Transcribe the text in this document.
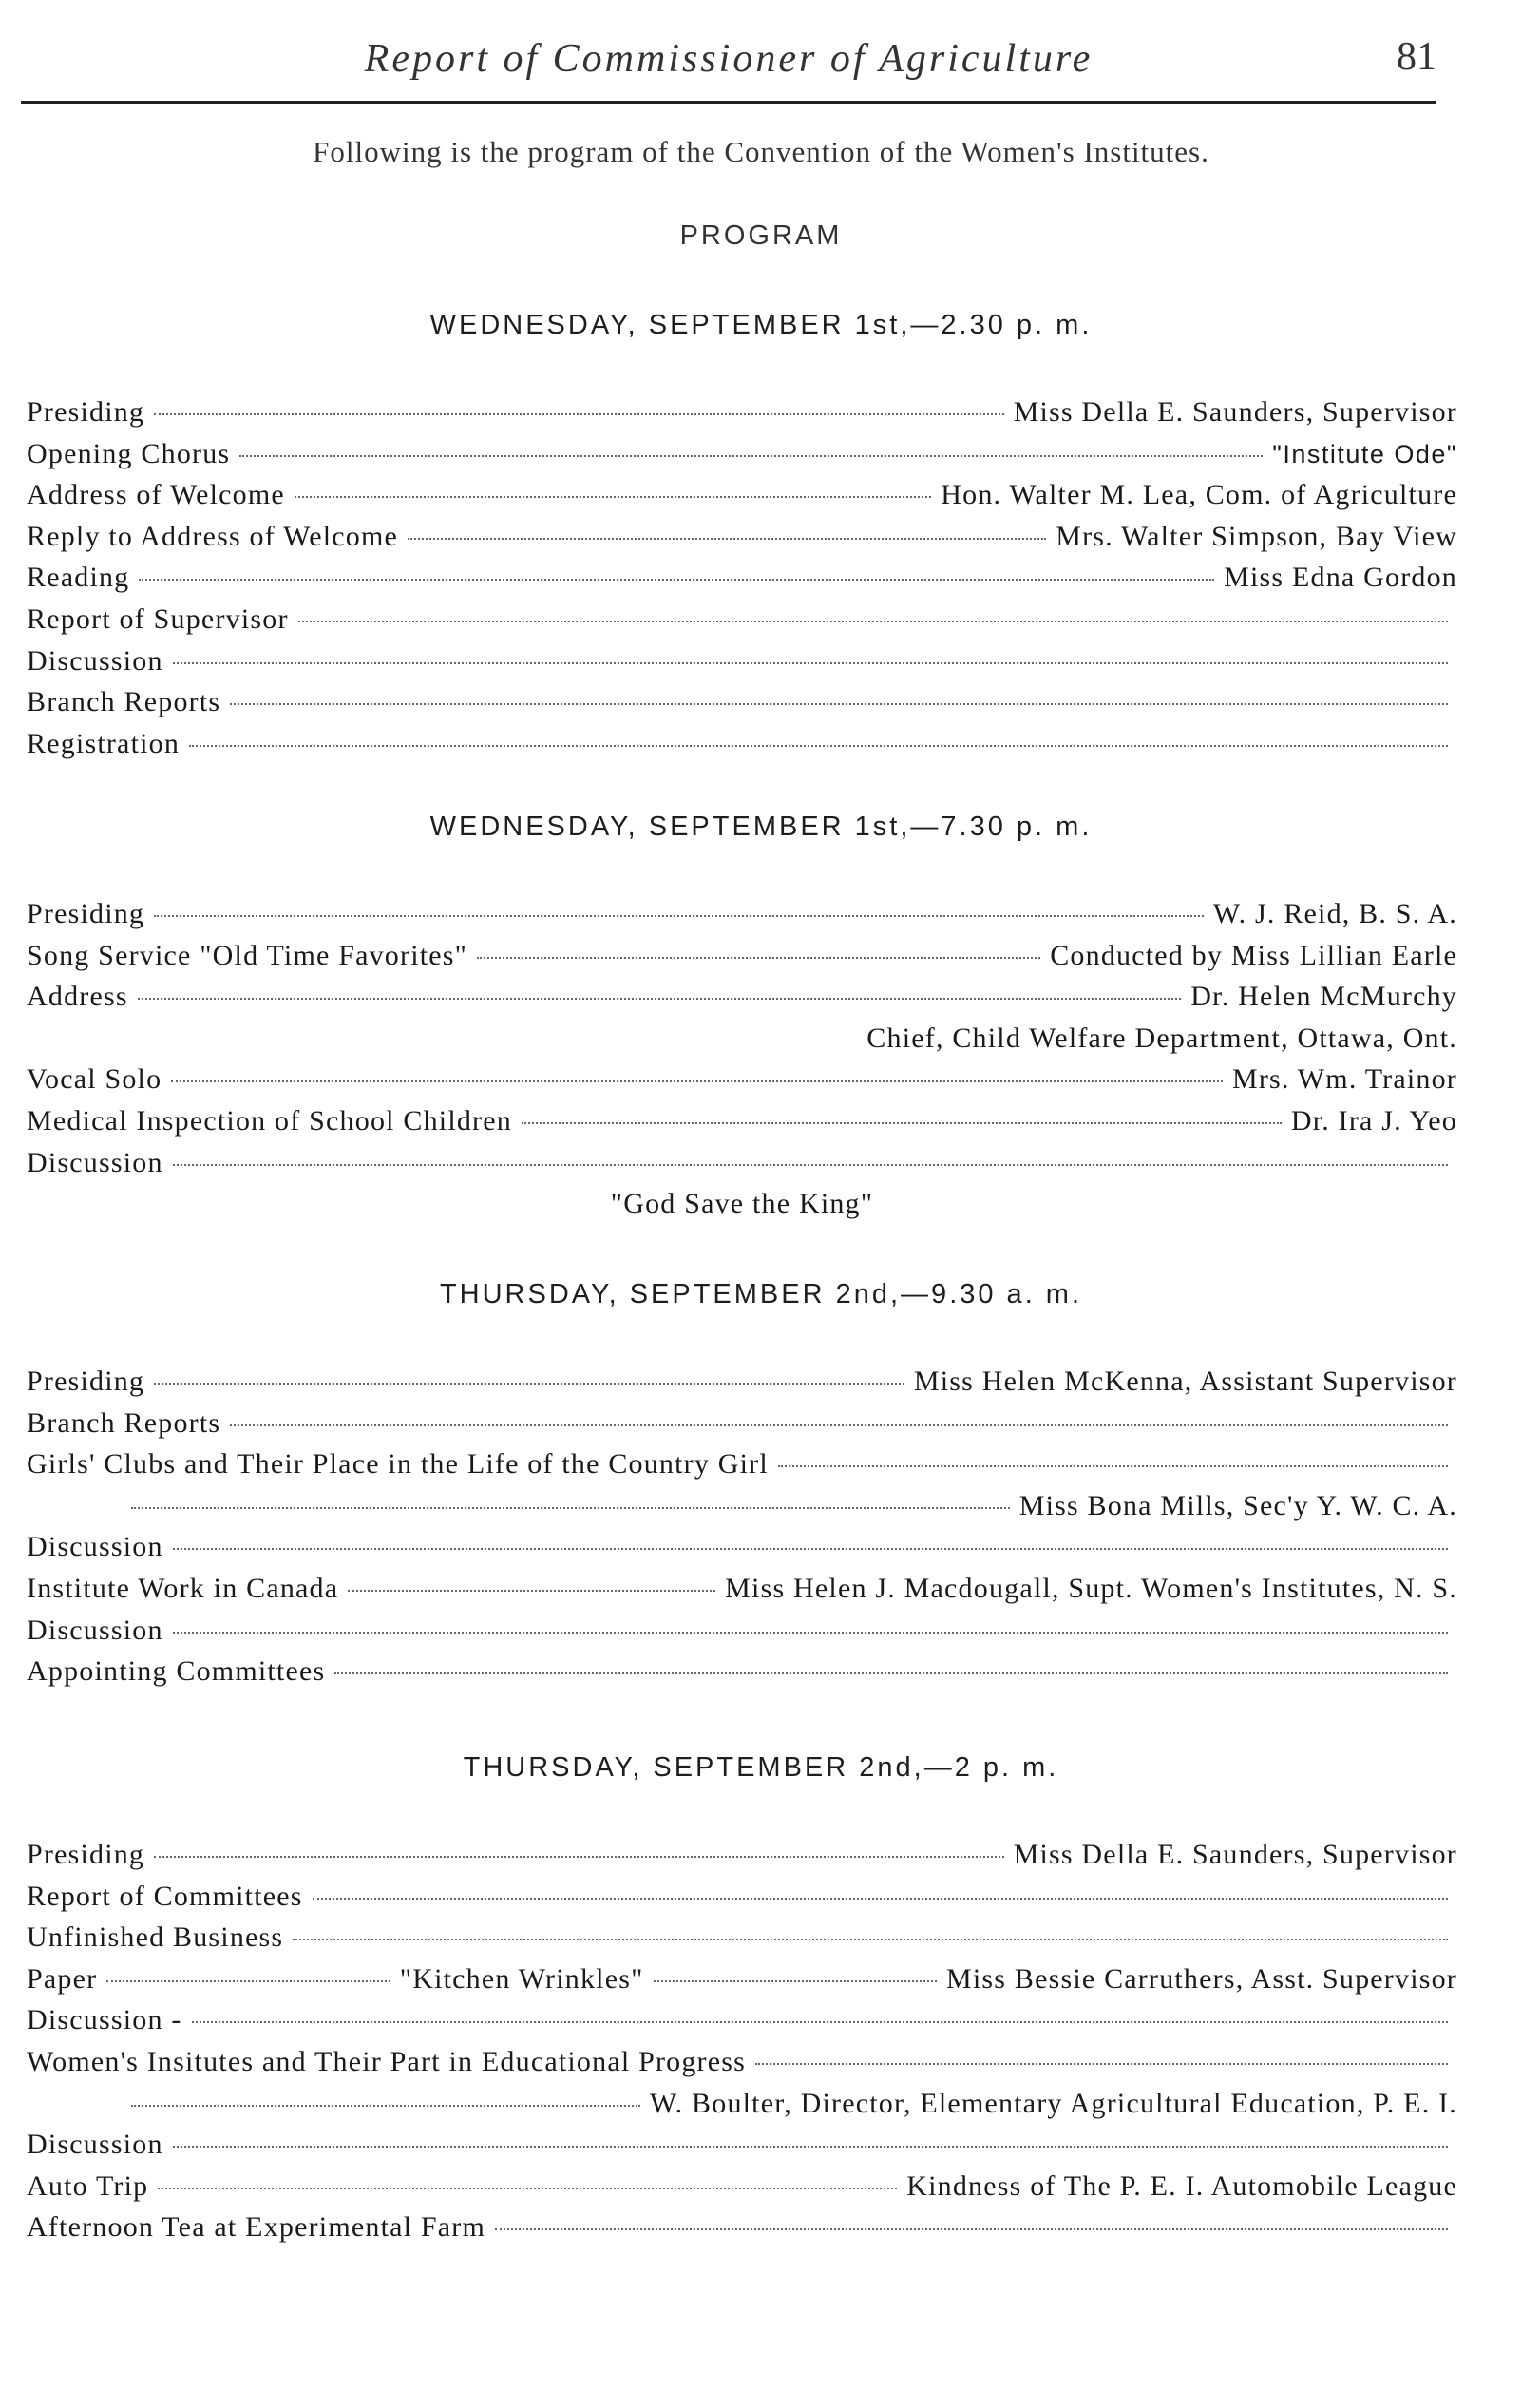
Report of Commissioner of Agriculture	81
Following is the program of the Convention of the Women's Institutes.
PROGRAM
WEDNESDAY, SEPTEMBER 1st,—2.30 p. m.
Presiding	Miss Della E. Saunders, Supervisor
Opening Chorus	"Institute Ode"
Address of Welcome	Hon. Walter M. Lea, Com. of Agriculture
Reply to Address of Welcome	Mrs. Walter Simpson, Bay View
Reading	Miss Edna Gordon
Report of Supervisor
Discussion
Branch Reports
Registration
WEDNESDAY, SEPTEMBER 1st,—7.30 p. m.
Presiding	W. J. Reid, B. S. A.
Song Service "Old Time Favorites"	Conducted by Miss Lillian Earle
Address	Dr. Helen McMurchy
Chief, Child Welfare Department, Ottawa, Ont.
Vocal Solo	Mrs. Wm. Trainor
Medical Inspection of School Children	Dr. Ira J. Yeo
Discussion
"God Save the King"
THURSDAY, SEPTEMBER 2nd,—9.30 a. m.
Presiding	Miss Helen McKenna, Assistant Supervisor
Branch Reports
Girls' Clubs and Their Place in the Life of the Country Girl
Miss Bona Mills, Sec'y Y. W. C. A.
Discussion
Institute Work in Canada	Miss Helen J. Macdougall, Supt. Women's Institutes, N. S.
Discussion
Appointing Committees
THURSDAY, SEPTEMBER 2nd,—2 p. m.
Presiding	Miss Della E. Saunders, Supervisor
Report of Committees
Unfinished Business
Paper	"Kitchen Wrinkles"	Miss Bessie Carruthers, Asst. Supervisor
Discussion -
Women's Insitutes and Their Part in Educational Progress
W. Boulter, Director, Elementary Agricultural Education, P. E. I.
Discussion
Auto Trip	Kindness of The P. E. I. Automobile League
Afternoon Tea at Experimental Farm
